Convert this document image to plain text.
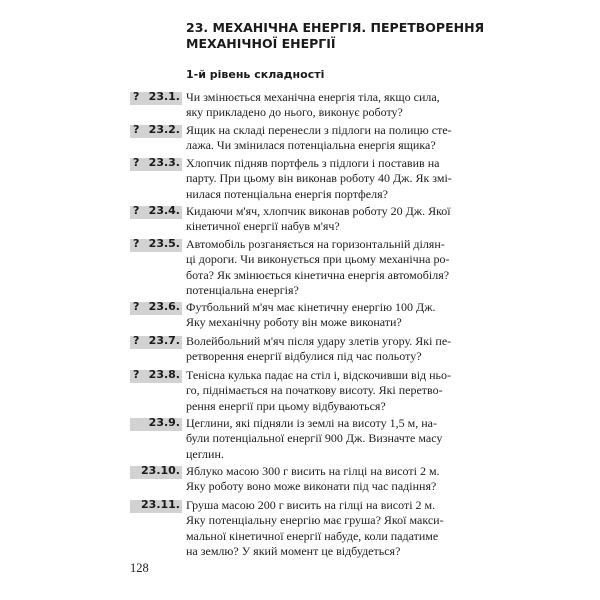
23. МЕХАНІЧНА ЕНЕРГІЯ. ПЕРЕТВОРЕННЯ
МЕХАНІЧНОЇ ЕНЕРГІЇ
1-й рівень складності
? 23.1. Чи змінюється механічна енергія тіла, якщо сила,
яку прикладено до нього, виконує роботу?
? 23.2. Ящик на складі перенесли з підлоги на полицю сте-
лажа. Чи змінилася потенціальна енергія ящика?
? 23.3. Хлопчик підняв портфель з підлоги і поставив на
парту. При цьому він виконав роботу 40 Дж. Як змі-
нилася потенціальна енергія портфеля?
? 23.4. Кидаючи м'яч, хлопчик виконав роботу 20 Дж. Якої
кінетичної енергії набув м'яч?
? 23.5. Автомобіль розганяється на горизонтальній ділян-
ці дороги. Чи виконується при цьому механічна ро-
бота? Як змінюється кінетична енергія автомобіля?
потенціальна енергія?
? 23.6. Футбольний м'яч має кінетичну енергію 100 Дж.
Яку механічну роботу він може виконати?
? 23.7. Волейбольний м'яч після удару злетів угору. Які пе-
ретворення енергії відбулися під час польоту?
? 23.8. Тенісна кулька падає на стіл і, відскочивши від ньо-
го, піднімається на початкову висоту. Які перетво-
рення енергії при цьому відбуваються?
23.9. Цеглини, які підняли із землі на висоту 1,5 м, на-
були потенціальної енергії 900 Дж. Визначте масу
цеглин.
23.10. Яблуко масою 300 г висить на гілці на висоті 2 м.
Яку роботу воно може виконати під час падіння?
23.11. Груша масою 200 г висить на гілці на висоті 2 м.
Яку потенціальну енергію має груша? Якої макси-
мальної кінетичної енергії набуде, коли падатиме
на землю? У який момент це відбудеться?
128
